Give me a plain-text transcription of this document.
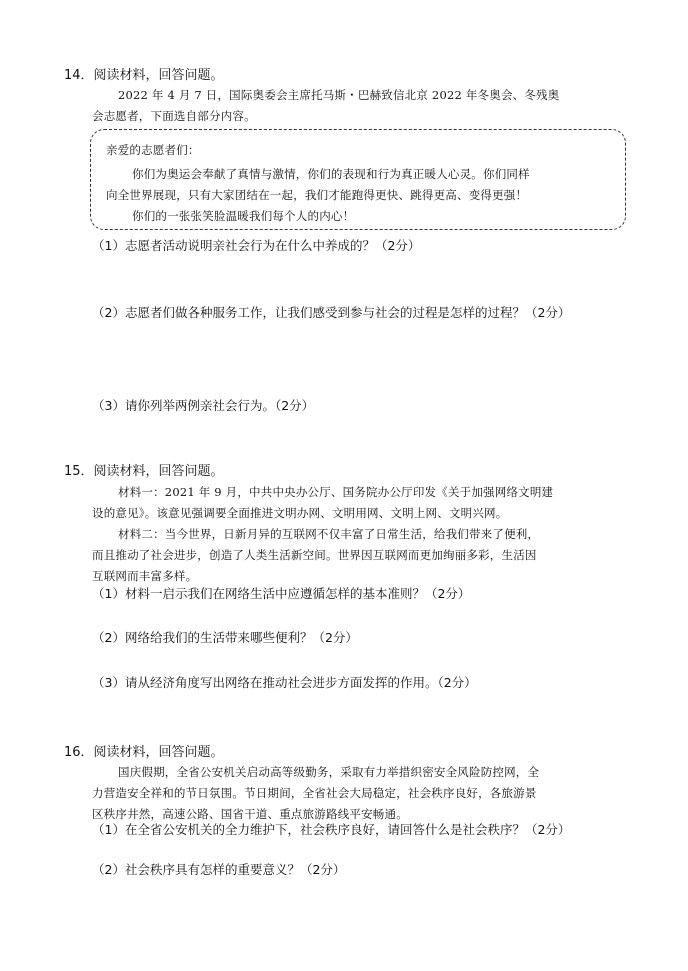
14．阅读材料，回答问题。
2022 年 4 月 7 日，国际奥委会主席托马斯・巴赫致信北京 2022 年冬奥会、冬残奥
会志愿者，下面选自部分内容。
亲爱的志愿者们：
你们为奥运会奉献了真情与激情，你们的表现和行为真正暖人心灵。你们同样
向全世界展现，只有大家团结在一起，我们才能跑得更快、跳得更高、变得更强！
你们的一张张笑脸温暖我们每个人的内心！
（1）志愿者活动说明亲社会行为在什么中养成的？（2分）
（2）志愿者们做各种服务工作，让我们感受到参与社会的过程是怎样的过程？（2分）
（3）请你列举两例亲社会行为。（2分）
15．阅读材料，回答问题。
材料一：2021 年 9 月，中共中央办公厅、国务院办公厅印发《关于加强网络文明建
设的意见》。该意见强调要全面推进文明办网、文明用网、文明上网、文明兴网。
材料二：当今世界，日新月异的互联网不仅丰富了日常生活，给我们带来了便利，
而且推动了社会进步，创造了人类生活新空间。世界因互联网而更加绚丽多彩，生活因
互联网而丰富多样。
（1）材料一启示我们在网络生活中应遵循怎样的基本准则？（2分）
（2）网络给我们的生活带来哪些便利？（2分）
（3）请从经济角度写出网络在推动社会进步方面发挥的作用。（2分）
16．阅读材料，回答问题。
国庆假期，全省公安机关启动高等级勤务，采取有力举措织密安全风险防控网，全
力营造安全祥和的节日氛围。节日期间，全省社会大局稳定，社会秩序良好，各旅游景
区秩序井然，高速公路、国省干道、重点旅游路线平安畅通。
（1）在全省公安机关的全力维护下，社会秩序良好，请回答什么是社会秩序？（2分）
（2）社会秩序具有怎样的重要意义？（2分）
